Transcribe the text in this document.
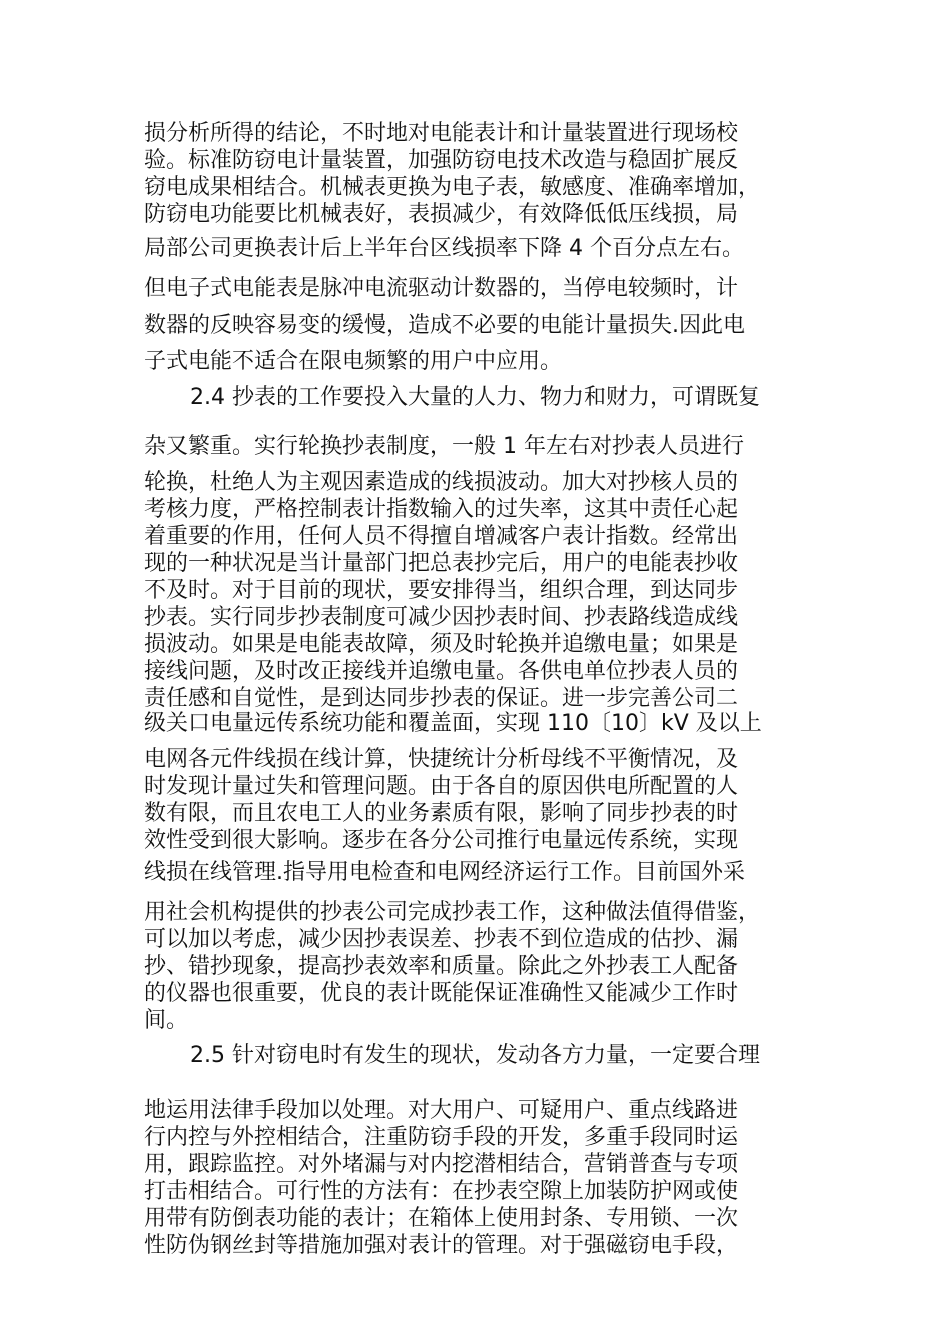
损分析所得的结论，不时地对电能表计和计量装置进行现场校

验。标准防窃电计量装置，加强防窃电技术改造与稳固扩展反

窃电成果相结合。机械表更换为电子表，敏感度、准确率增加，

防窃电功能要比机械表好，表损减少，有效降低低压线损，局

局部公司更换表计后上半年台区线损率下降 4 个百分点左右。

但电子式电能表是脉冲电流驱动计数器的，当停电较频时，计

数器的反映容易变的缓慢，造成不必要的电能计量损失.因此电

子式电能不适合在限电频繁的用户中应用。

2.4 抄表的工作要投入大量的人力、物力和财力，可谓既复

杂又繁重。实行轮换抄表制度，一般 1 年左右对抄表人员进行

轮换，杜绝人为主观因素造成的线损波动。加大对抄核人员的

考核力度，严格控制表计指数输入的过失率，这其中责任心起

着重要的作用，任何人员不得擅自增减客户表计指数。经常出

现的一种状况是当计量部门把总表抄完后，用户的电能表抄收

不及时。对于目前的现状，要安排得当，组织合理，到达同步

抄表。实行同步抄表制度可减少因抄表时间、抄表路线造成线

损波动。如果是电能表故障，须及时轮换并追缴电量；如果是

接线问题，及时改正接线并追缴电量。各供电单位抄表人员的

责任感和自觉性，是到达同步抄表的保证。进一步完善公司二

级关口电量远传系统功能和覆盖面，实现 110〔10〕kV 及以上

电网各元件线损在线计算，快捷统计分析母线不平衡情况，及

时发现计量过失和管理问题。由于各自的原因供电所配置的人

数有限，而且农电工人的业务素质有限，影响了同步抄表的时

效性受到很大影响。逐步在各分公司推行电量远传系统，实现

线损在线管理.指导用电检查和电网经济运行工作。目前国外采

用社会机构提供的抄表公司完成抄表工作，这种做法值得借鉴，

可以加以考虑，减少因抄表误差、抄表不到位造成的估抄、漏

抄、错抄现象，提高抄表效率和质量。除此之外抄表工人配备

的仪器也很重要，优良的表计既能保证准确性又能减少工作时

间。

2.5 针对窃电时有发生的现状，发动各方力量，一定要合理

地运用法律手段加以处理。对大用户、可疑用户、重点线路进

行内控与外控相结合，注重防窃手段的开发，多重手段同时运

用，跟踪监控。对外堵漏与对内挖潜相结合，营销普查与专项

打击相结合。可行性的方法有：在抄表空隙上加装防护网或使

用带有防倒表功能的表计；在箱体上使用封条、专用锁、一次

性防伪钢丝封等措施加强对表计的管理。对于强磁窃电手段，
